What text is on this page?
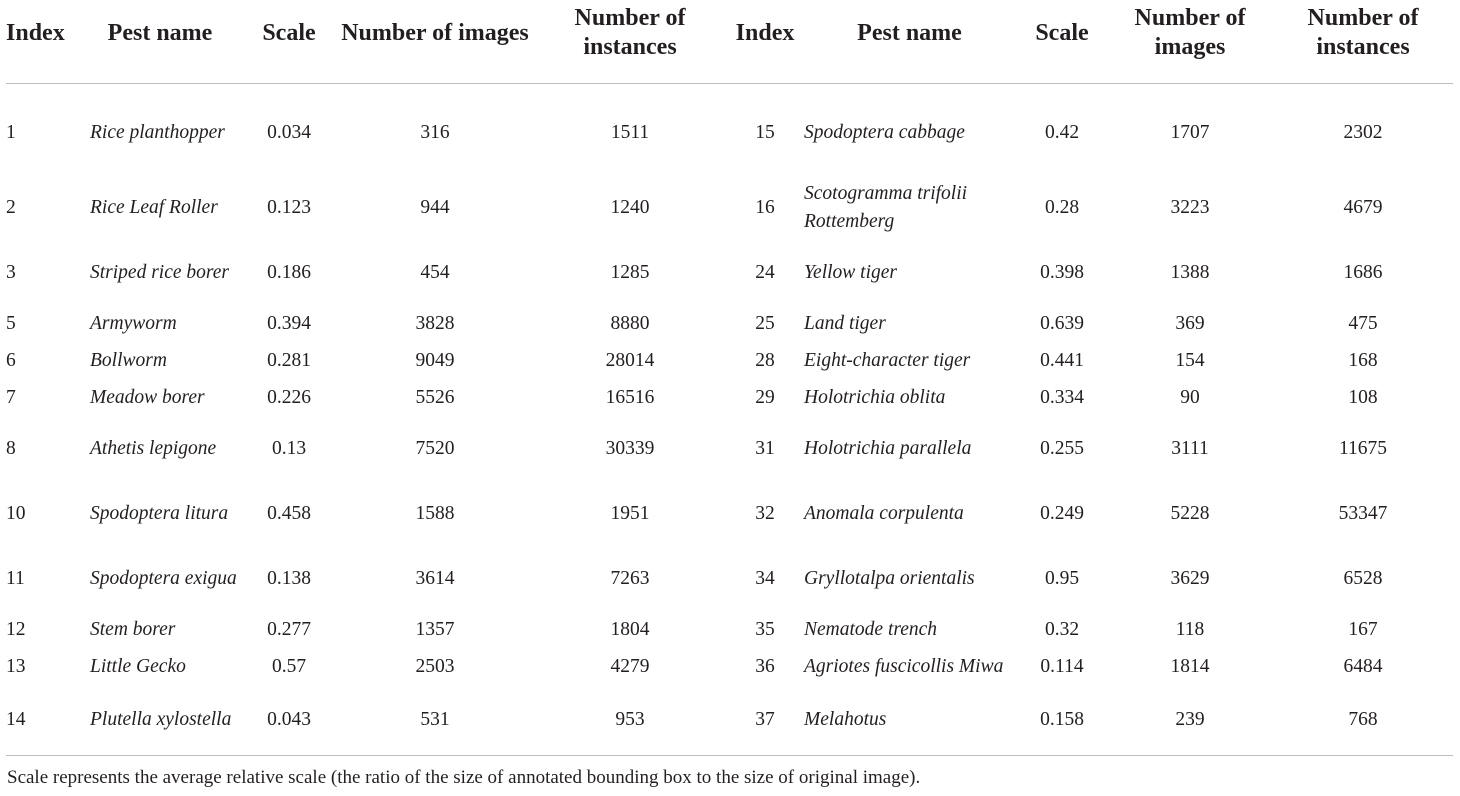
Index	Pest name	Scale	Number of images	Number of instances	Index	Pest name	Scale	Number of images	Number of instances
1	Rice planthopper	0.034	316	1511	15	Spodoptera cabbage	0.42	1707	2302
2	Rice Leaf Roller	0.123	944	1240	16	Scotogramma trifolii Rottemberg	0.28	3223	4679
3	Striped rice borer	0.186	454	1285	24	Yellow tiger	0.398	1388	1686
5	Armyworm	0.394	3828	8880	25	Land tiger	0.639	369	475
6	Bollworm	0.281	9049	28014	28	Eight-character tiger	0.441	154	168
7	Meadow borer	0.226	5526	16516	29	Holotrichia oblita	0.334	90	108
8	Athetis lepigone	0.13	7520	30339	31	Holotrichia parallela	0.255	3111	11675
10	Spodoptera litura	0.458	1588	1951	32	Anomala corpulenta	0.249	5228	53347
11	Spodoptera exigua	0.138	3614	7263	34	Gryllotalpa orientalis	0.95	3629	6528
12	Stem borer	0.277	1357	1804	35	Nematode trench	0.32	118	167
13	Little Gecko	0.57	2503	4279	36	Agriotes fuscicollis Miwa	0.114	1814	6484
14	Plutella xylostella	0.043	531	953	37	Melahotus	0.158	239	768
Scale represents the average relative scale (the ratio of the size of annotated bounding box to the size of original image).
